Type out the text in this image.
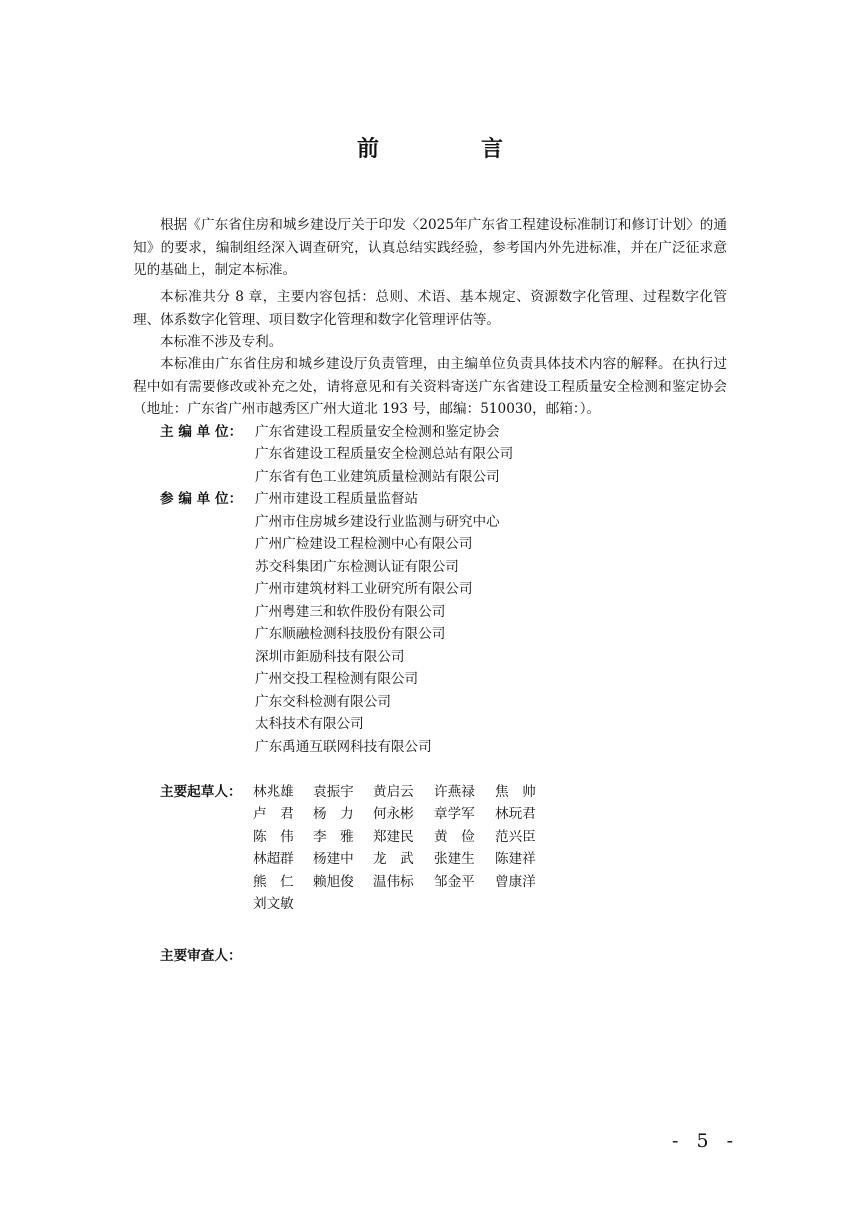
前　言

根据《广东省住房和城乡建设厅关于印发〈2025年广东省工程建设标准制订和修订计划〉的通知》的要求，编制组经深入调查研究，认真总结实践经验，参考国内外先进标准，并在广泛征求意见的基础上，制定本标准。

本标准共分 8 章，主要内容包括：总则、术语、基本规定、资源数字化管理、过程数字化管理、体系数字化管理、项目数字化管理和数字化管理评估等。

本标准不涉及专利。

本标准由广东省住房和城乡建设厅负责管理，由主编单位负责具体技术内容的解释。在执行过程中如有需要修改或补充之处，请将意见和有关资料寄送广东省建设工程质量安全检测和鉴定协会（地址：广东省广州市越秀区广州大道北 193 号，邮编：510030，邮箱：）。

主 编 单 位： 广东省建设工程质量安全检测和鉴定协会
广东省建设工程质量安全检测总站有限公司
广东省有色工业建筑质量检测站有限公司
参 编 单 位： 广州市建设工程质量监督站
广州市住房城乡建设行业监测与研究中心
广州广检建设工程检测中心有限公司
苏交科集团广东检测认证有限公司
广州市建筑材料工业研究所有限公司
广州粤建三和软件股份有限公司
广东顺融检测科技股份有限公司
深圳市鉅励科技有限公司
广州交投工程检测有限公司
广东交科检测有限公司
太科技术有限公司
广东禹通互联网科技有限公司
主要起草人： 林兆雄 袁振宇 黄启云 许燕禄 焦　帅
卢　君 杨　力 何永彬 章学军 林玩君
陈　伟 李　雅 郑建民 黄　俭 范兴臣
林超群 杨建中 龙　武 张建生 陈建祥
熊　仁 赖旭俊 温伟标 邹金平 曾康洋
刘文敏
主要审查人：
- 5 -
